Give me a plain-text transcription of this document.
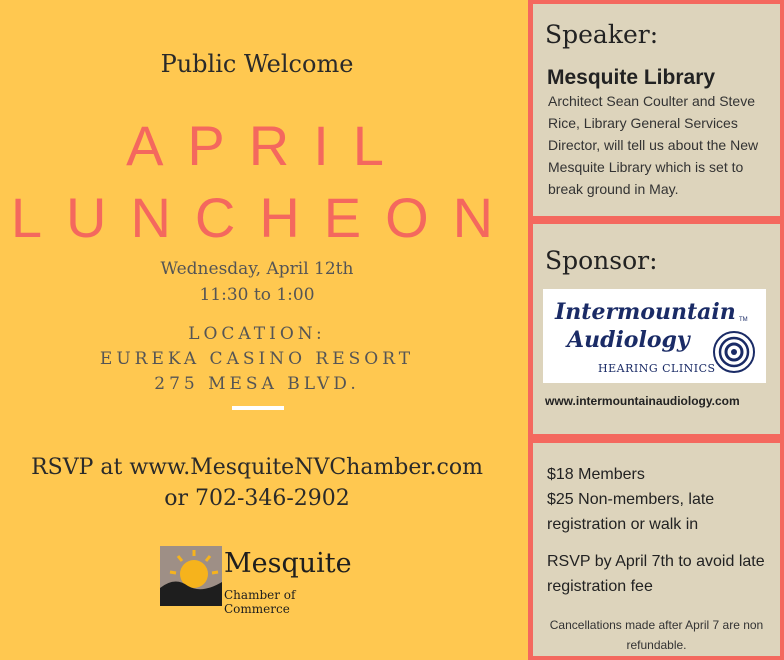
Public Welcome
APRIL
LUNCHEON
Wednesday, April 12th
11:30 to 1:00
LOCATION:
EUREKA CASINO RESORT
275 MESA BLVD.
RSVP at www.MesquiteNVChamber.com
or 702-346-2902
Mesquite
Chamber of Commerce
Speaker:
Mesquite Library
Architect Sean Coulter and Steve Rice, Library General Services Director, will tell us about the New Mesquite Library which is set to break ground in May.
Sponsor:
Intermountain TM
Audiology
HEARING CLINICS
www.intermountainaudiology.com
$18 Members
$25 Non-members, late registration or walk in
RSVP by April 7th to avoid late registration fee
Cancellations made after April 7 are non refundable.
